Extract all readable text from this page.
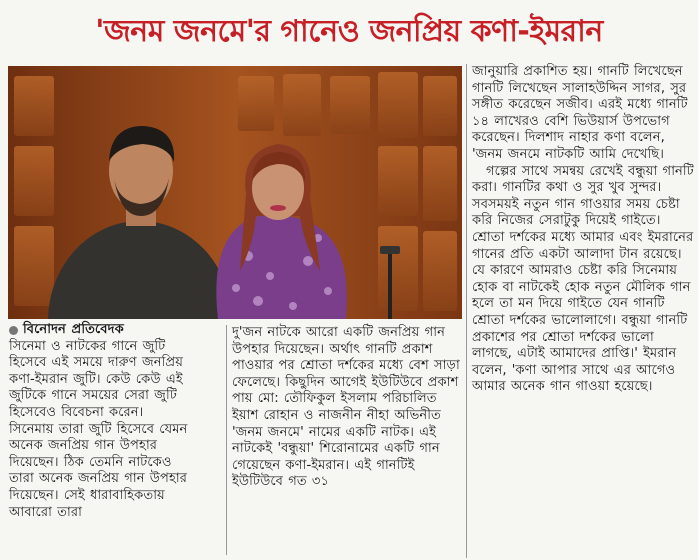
'জনম জনমে'র গানেও জনপ্রিয় কণা-ইমরান
বিনোদন প্রতিবেদক

সিনেমা ও নাটকের গানে জুটি হিসেবে এই সময়ে দারুণ জনপ্রিয় কণা-ইমরান জুটি। কেউ কেউ এই জুটিকে গানে সময়ের সেরা জুটি হিসেবেও বিবেচনা করেন। সিনেমায় তারা জুটি হিসেবে যেমন অনেক জনপ্রিয় গান উপহার দিয়েছেন। ঠিক তেমনি নাটকেও তারা অনেক জনপ্রিয় গান উপহার দিয়েছেন। সেই ধারাবাহিকতায় আবারো তারা

দু'জন নাটকে আরো একটি জনপ্রিয় গান উপহার দিয়েছেন। অর্থাৎ গানটি প্রকাশ পাওয়ার পর শ্রোতা দর্শকের মধ্যে বেশ সাড়া ফেলেছে। কিছুদিন আগেই ইউটিউবে প্রকাশ পায় মো: তৌফিকুল ইসলাম পরিচালিত ইয়াশ রোহান ও নাজনীন নীহা অভিনীত 'জনম জনমে' নামের একটি নাটক। এই নাটকেই 'বন্ধুয়া' শিরোনামের একটি গান গেয়েছেন কণা-ইমরান। এই গানটিই ইউটিউবে গত ৩১

জানুয়ারি প্রকাশিত হয়। গানটি লিখেছেন গানটি লিখেছেন সালাহউদ্দিন সাগর, সুর সঙ্গীত করেছেন সজীব। এরই মধ্যে গানটি ১৪ লাখেরও বেশি ভিউয়ার্স উপভোগ করেছেন। দিলশাদ নাহার কণা বলেন, 'জনম জনমে নাটকটি আমি দেখেছি।

গল্পের সাথে সমন্বয় রেখেই বন্ধুয়া গানটি করা। গানটির কথা ও সুর খুব সুন্দর। সবসময়ই নতুন গান গাওয়ার সময় চেষ্টা করি নিজের সেরাটুকু দিয়েই গাইতে। শ্রোতা দর্শকের মধ্যে আমার এবং ইমরানের গানের প্রতি একটা আলাদা টান রয়েছে। যে কারণে আমরাও চেষ্টা করি সিনেমায় হোক বা নাটকেই হোক নতুন মৌলিক গান হলে তা মন দিয়ে গাইতে যেন গানটি শ্রোতা দর্শকের ভালোলাগে। বন্ধুয়া গানটি প্রকাশের পর শ্রোতা দর্শকের ভালো লাগছে, এটাই আমাদের প্রাপ্তি।' ইমরান বলেন, 'কণা আপার সাথে এর আগেও আমার অনেক গান গাওয়া হয়েছে।
